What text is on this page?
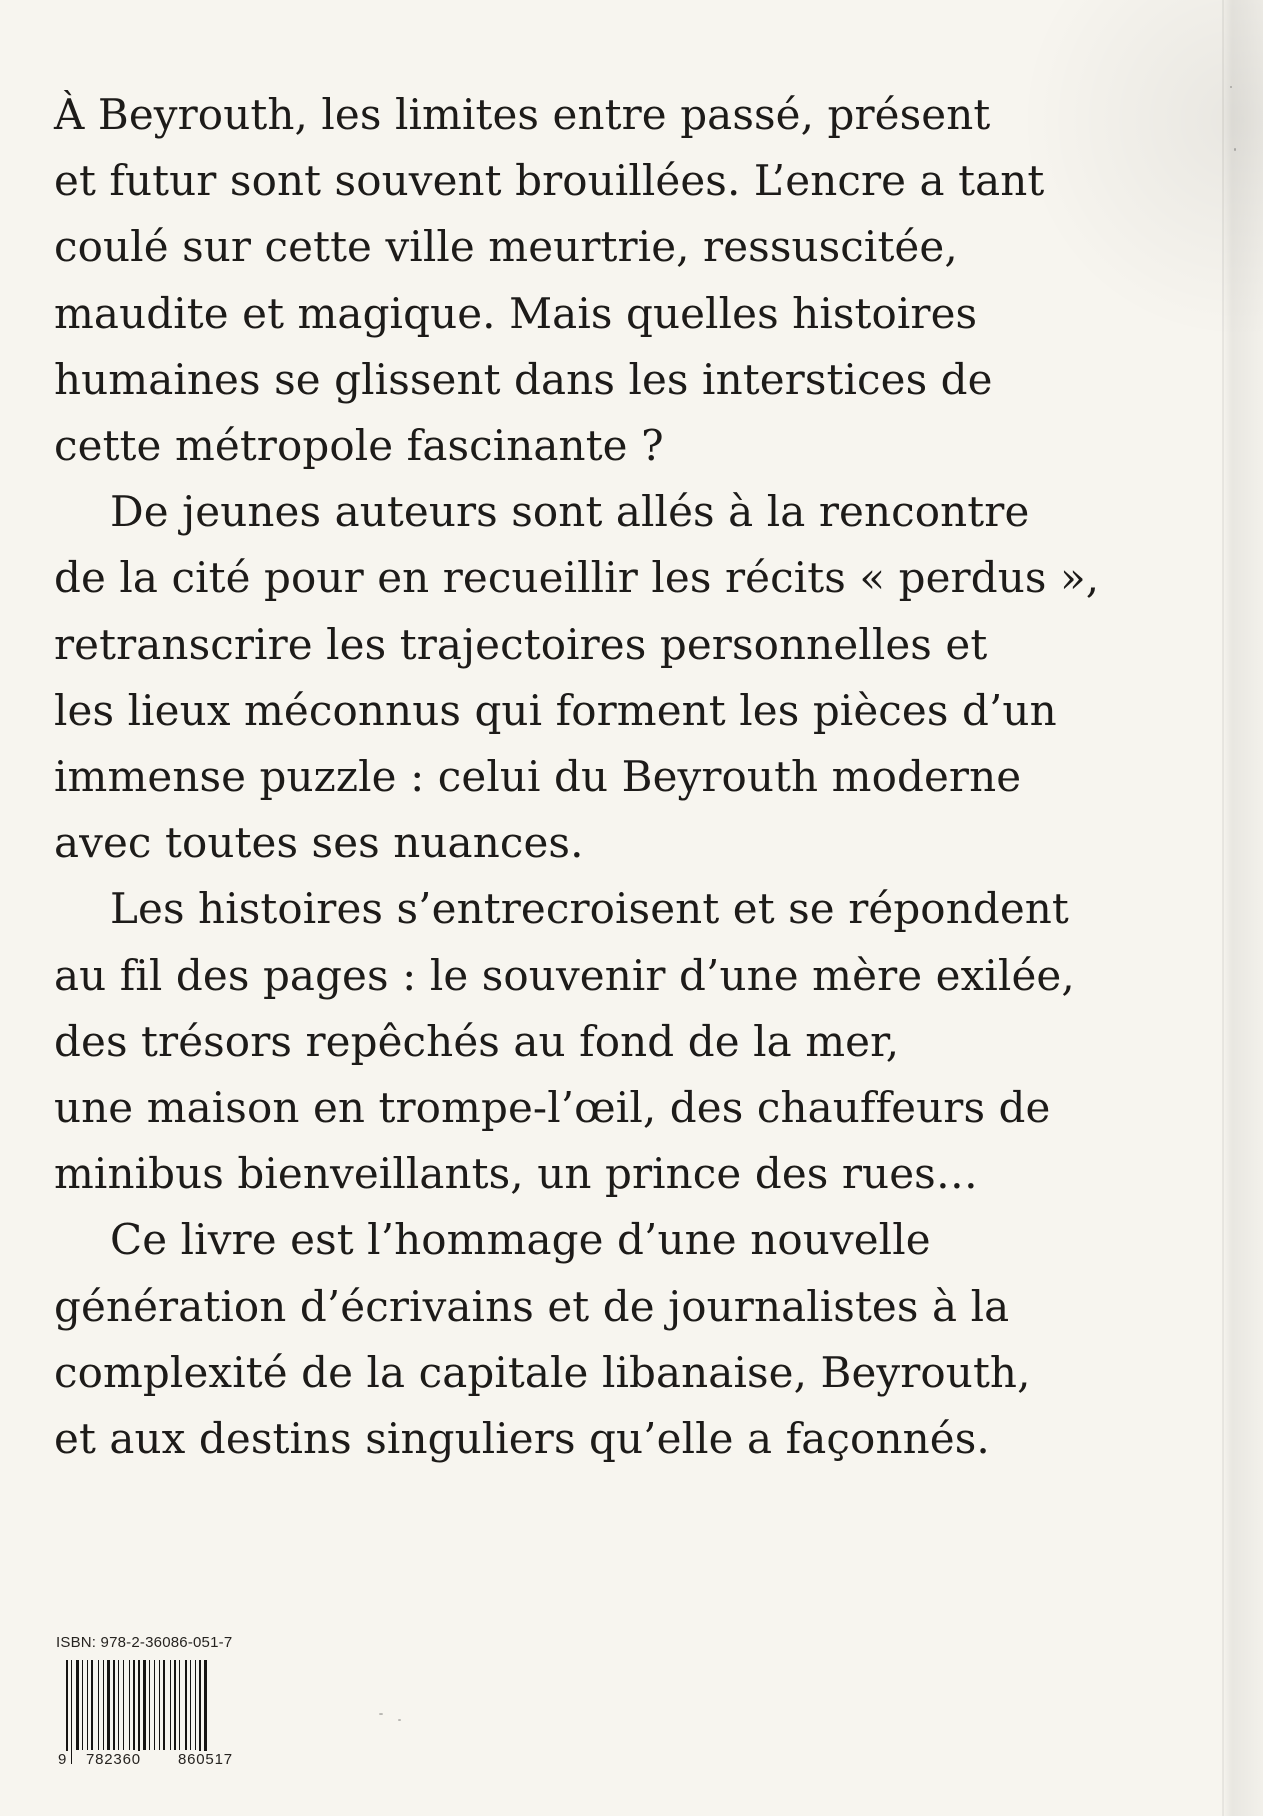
À Beyrouth, les limites entre passé, présent
et futur sont souvent brouillées. L’encre a tant
coulé sur cette ville meurtrie, ressuscitée,
maudite et magique. Mais quelles histoires
humaines se glissent dans les interstices de
cette métropole fascinante ?
De jeunes auteurs sont allés à la rencontre
de la cité pour en recueillir les récits « perdus »,
retranscrire les trajectoires personnelles et
les lieux méconnus qui forment les pièces d’un
immense puzzle : celui du Beyrouth moderne
avec toutes ses nuances.
Les histoires s’entrecroisent et se répondent
au fil des pages : le souvenir d’une mère exilée,
des trésors repêchés au fond de la mer,
une maison en trompe-l’œil, des chauffeurs de
minibus bienveillants, un prince des rues…
Ce livre est l’hommage d’une nouvelle
génération d’écrivains et de journalistes à la
complexité de la capitale libanaise, Beyrouth,
et aux destins singuliers qu’elle a façonnés.
ISBN: 978-2-36086-051-7
9 782360 860517
